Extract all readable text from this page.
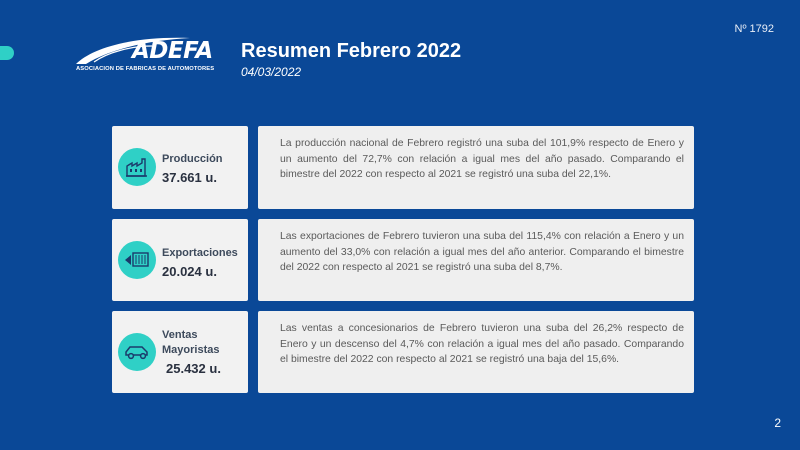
Nº 1792
ADEFA
ASOCIACION DE FABRICAS DE AUTOMOTORES
Resumen Febrero 2022
04/03/2022
Producción
37.661 u.
La producción nacional de Febrero registró una suba del 101,9% respecto de Enero y un aumento del 72,7% con relación a igual mes del año pasado. Comparando el bimestre del 2022 con respecto al 2021 se registró una suba del 22,1%.
Exportaciones
20.024 u.
Las exportaciones de Febrero tuvieron una suba del 115,4% con relación a Enero y un aumento del 33,0% con relación a igual mes del año anterior. Comparando el bimestre del 2022 con respecto al 2021 se registró una suba del 8,7%.
Ventas
Mayoristas
25.432 u.
Las ventas a concesionarios de Febrero tuvieron una suba del 26,2% respecto de Enero y un descenso del 4,7% con relación a igual mes del año pasado. Comparando el bimestre del 2022 con respecto al 2021 se registró una baja del 15,6%.
2
